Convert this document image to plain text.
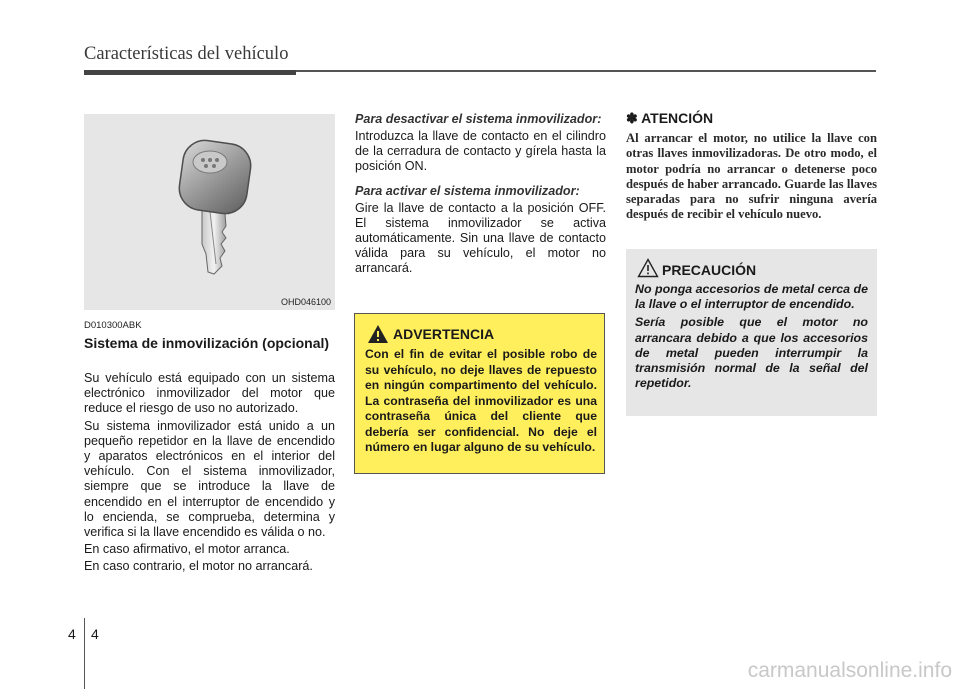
Características del vehículo
OHD046100
D010300ABK
Sistema de inmovilización (opcional)

Su vehículo está equipado con un sistema electrónico inmovilizador del motor que reduce el riesgo de uso no autorizado.

Su sistema inmovilizador está unido a un pequeño repetidor en la llave de encendido y aparatos electrónicos en el interior del vehículo. Con el sistema inmovilizador, siempre que se introduce la llave de encendido en el interruptor de encendido y lo encienda, se comprueba, determina y verifica si la llave encendido es válida o no.

En caso afirmativo, el motor arranca.

En caso contrario, el motor no arrancará.

Para desactivar el sistema inmovilizador:

Introduzca la llave de contacto en el cilindro de la cerradura de contacto y gírela hasta la posición ON.

Para activar el sistema inmovilizador:

Gire la llave de contacto a la posición OFF. El sistema inmovilizador se activa automáticamente. Sin una llave de contacto válida para su vehículo, el motor no arrancará.

ADVERTENCIA
Con el fin de evitar el posible robo de su vehículo, no deje llaves de repuesto en ningún compartimento del vehículo. La contraseña del inmovilizador es una contraseña única del cliente que debería ser confidencial. No deje el número en lugar alguno de su vehículo.
✽ ATENCIÓN

Al arrancar el motor, no utilice la llave con otras llaves inmovilizadoras. De otro modo, el motor podría no arrancar o detenerse poco después de haber arrancado. Guarde las llaves separadas para no sufrir ninguna avería después de recibir el vehículo nuevo.

PRECAUCIÓN

No ponga accesorios de metal cerca de la llave o el interruptor de encendido.

Sería posible que el motor no arrancara debido a que los accesorios de metal pueden interrumpir la transmisión normal de la señal del repetidor.

4 4
carmanualsonline.info
